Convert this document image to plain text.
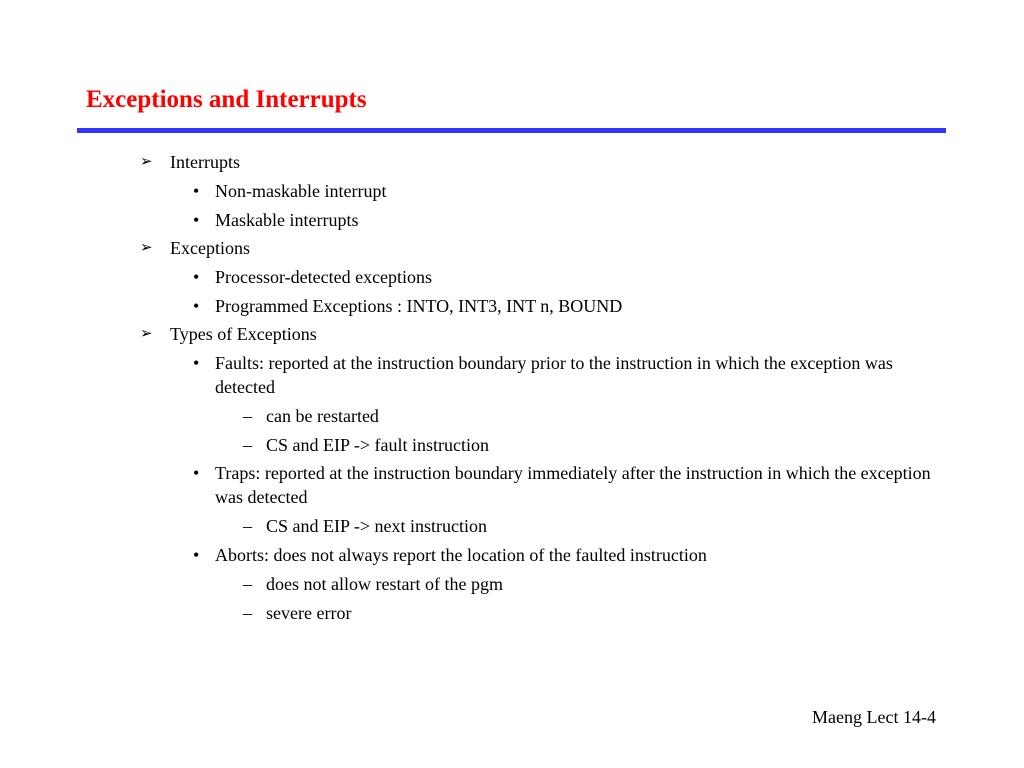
Exceptions and Interrupts
➢ Interrupts
• Non-maskable interrupt
• Maskable interrupts
➢ Exceptions
• Processor-detected exceptions
• Programmed Exceptions : INTO, INT3, INT n, BOUND
➢ Types of Exceptions
• Faults: reported at the instruction boundary prior to the instruction in which the exception was detected
– can be restarted
– CS and EIP -> fault instruction
• Traps: reported at the instruction boundary immediately after the instruction in which the exception was detected
– CS and EIP -> next instruction
• Aborts: does not always report the location of the faulted instruction
– does not allow restart of the pgm
– severe error
Maeng Lect 14-4
